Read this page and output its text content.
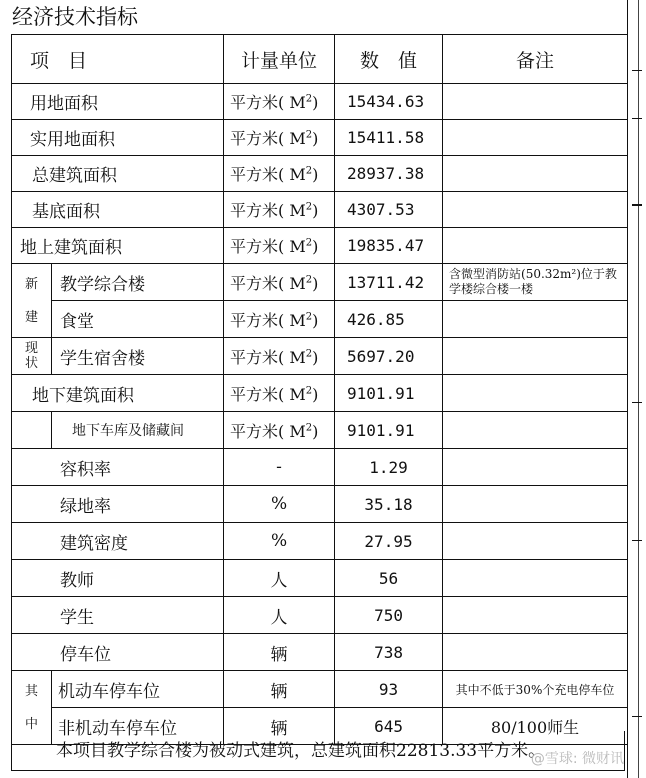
经济技术指标
项　目		计量单位	数　值	备注
用地面积		平方米( $M^2$)	15434.63	
实用地面积		平方米( $M^2$)	15411.58	
总建筑面积		平方米( $M^2$)	28937.38	
基底面积		平方米( $M^2$)	4307.53	
地上建筑面积		平方米( $M^2$)	19835.47	

新
建	教学综合楼	平方米( $M^2$)	13711.42	含微型消防站(50.32m²)位于教学楼综合楼一楼
	食堂	平方米( $M^2$)	426.85	

现
状	学生宿舍楼	平方米( $M^2$)	5697.20	
地下建筑面积		平方米( $M^2$)	9101.91	
	地下车库及储藏间	平方米( $M^2$)	9101.91	
容积率		-	1.29	
绿地率		%	35.18	
建筑密度		%	27.95	
教师		人	56	
学生		人	750	
停车位		辆	738	

其
中	机动车停车位	辆	93	其中不低于30%个充电停车位
	非机动车停车位	辆	645	80/100师生
本项目教学综合楼为被动式建筑，总建筑面积22813.33平方米。
@雪球: 微财讯
